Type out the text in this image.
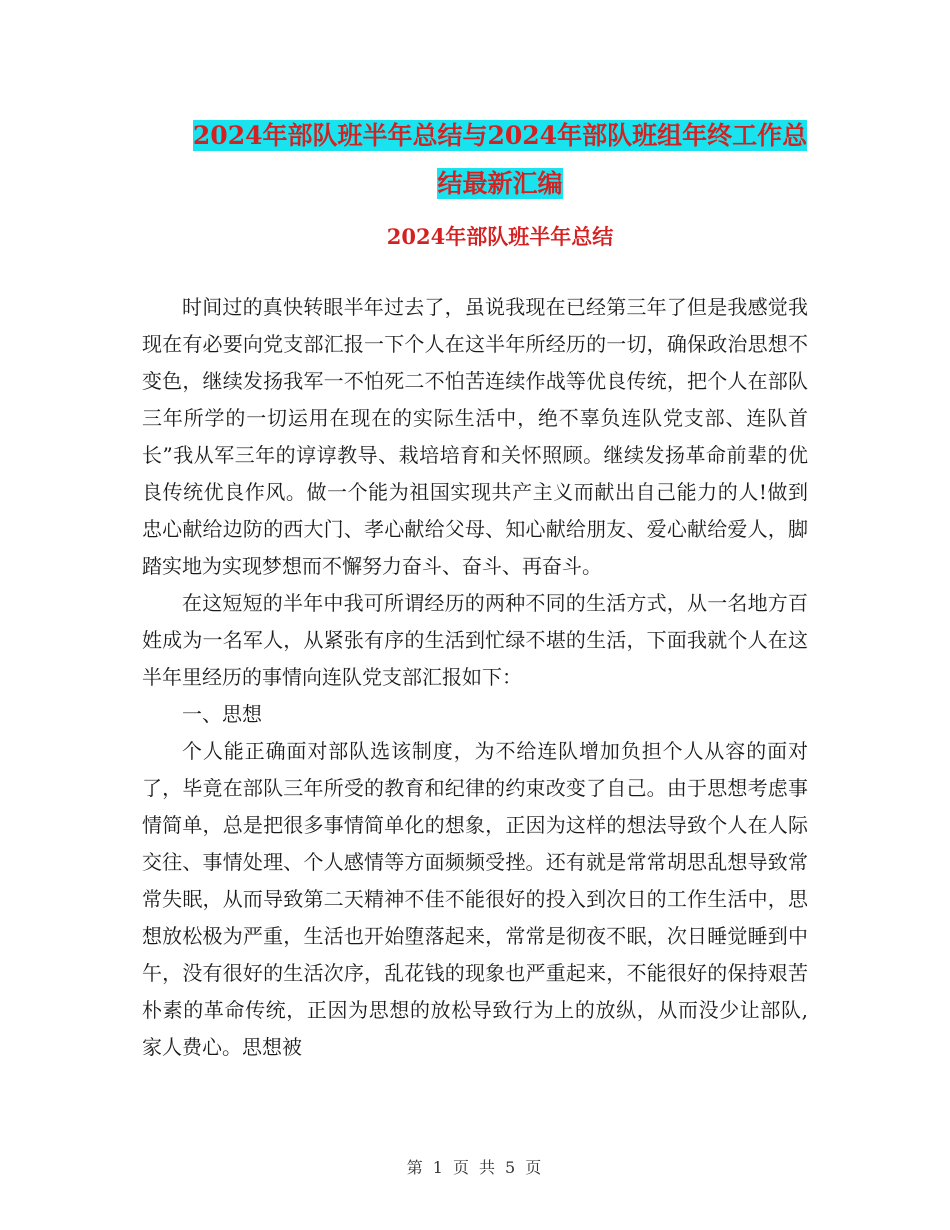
2024年部队班半年总结与2024年部队班组年终工作总
结最新汇编
2024年部队班半年总结

时间过的真快转眼半年过去了，虽说我现在已经第三年了但是我感觉我现在有必要向党支部汇报一下个人在这半年所经历的一切，确保政治思想不变色，继续发扬我军一不怕死二不怕苦连续作战等优良传统，把个人在部队三年所学的一切运用在现在的实际生活中，绝不辜负连队党支部、连队首长”我从军三年的谆谆教导、栽培培育和关怀照顾。继续发扬革命前辈的优良传统优良作风。做一个能为祖国实现共产主义而献出自己能力的人!做到忠心献给边防的西大门、孝心献给父母、知心献给朋友、爱心献给爱人，脚踏实地为实现梦想而不懈努力奋斗、奋斗、再奋斗。

在这短短的半年中我可所谓经历的两种不同的生活方式，从一名地方百姓成为一名军人，从紧张有序的生活到忙绿不堪的生活，下面我就个人在这半年里经历的事情向连队党支部汇报如下：

一、思想

个人能正确面对部队选该制度，为不给连队增加负担个人从容的面对了，毕竟在部队三年所受的教育和纪律的约束改变了自己。由于思想考虑事情简单，总是把很多事情简单化的想象，正因为这样的想法导致个人在人际交往、事情处理、个人感情等方面频频受挫。还有就是常常胡思乱想导致常常失眠，从而导致第二天精神不佳不能很好的投入到次日的工作生活中，思想放松极为严重，生活也开始堕落起来，常常是彻夜不眠，次日睡觉睡到中午，没有很好的生活次序，乱花钱的现象也严重起来，不能很好的保持艰苦朴素的革命传统，正因为思想的放松导致行为上的放纵，从而没少让部队,家人费心。思想被

第 1 页 共 5 页
